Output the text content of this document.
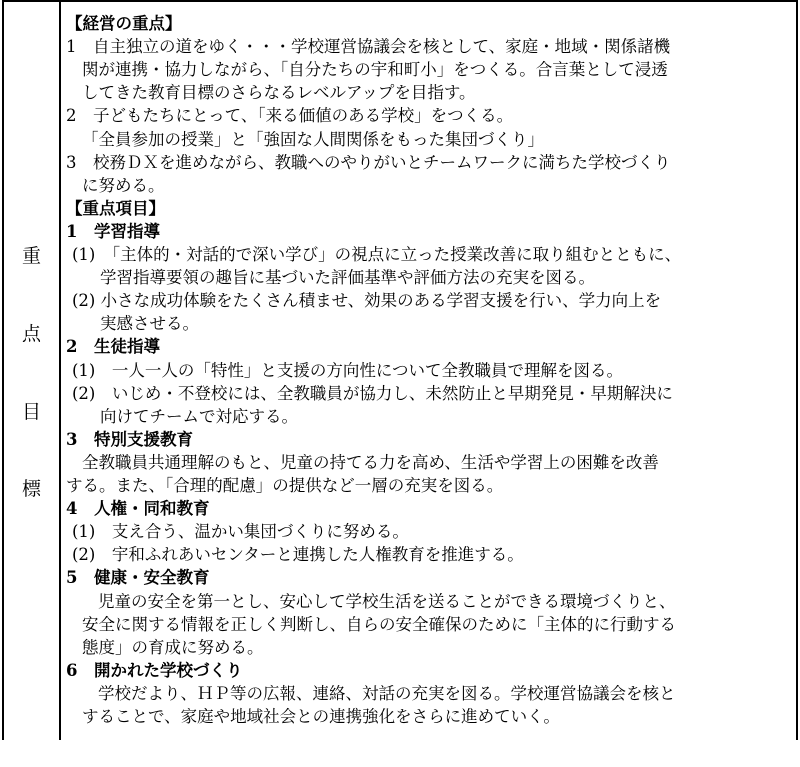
重
点
目
標
【経営の重点】
1　自主独立の道をゆく・・・学校運営協議会を核として、家庭・地域・関係諸機
関が連携・協力しながら、「自分たちの宇和町小」をつくる。合言葉として浸透
してきた教育目標のさらなるレベルアップを目指す。
2　子どもたちにとって、「来る価値のある学校」をつくる。
「全員参加の授業」と「強固な人間関係をもった集団づくり」
3　校務ＤＸを進めながら、教職へのやりがいとチームワークに満ちた学校づくり
に努める。
【重点項目】
1　学習指導
(1)　「主体的・対話的で深い学び」の視点に立った授業改善に取り組むとともに、
学習指導要領の趣旨に基づいた評価基準や評価方法の充実を図る。
(2) 小さな成功体験をたくさん積ませ、効果のある学習支援を行い、学力向上を
実感させる。
2　生徒指導
(1)　一人一人の「特性」と支援の方向性について全教職員で理解を図る。
(2)　いじめ・不登校には、全教職員が協力し、未然防止と早期発見・早期解決に
向けてチームで対応する。
3　特別支援教育
全教職員共通理解のもと、児童の持てる力を高め、生活や学習上の困難を改善
する。また、「合理的配慮」の提供など一層の充実を図る。
4　人権・同和教育
(1)　支え合う、温かい集団づくりに努める。
(2)　宇和ふれあいセンターと連携した人権教育を推進する。
5　健康・安全教育
児童の安全を第一とし、安心して学校生活を送ることができる環境づくりと、
安全に関する情報を正しく判断し、自らの安全確保のために「主体的に行動する
態度」の育成に努める。
6　開かれた学校づくり
学校だより、ＨＰ等の広報、連絡、対話の充実を図る。学校運営協議会を核と
することで、家庭や地域社会との連携強化をさらに進めていく。
